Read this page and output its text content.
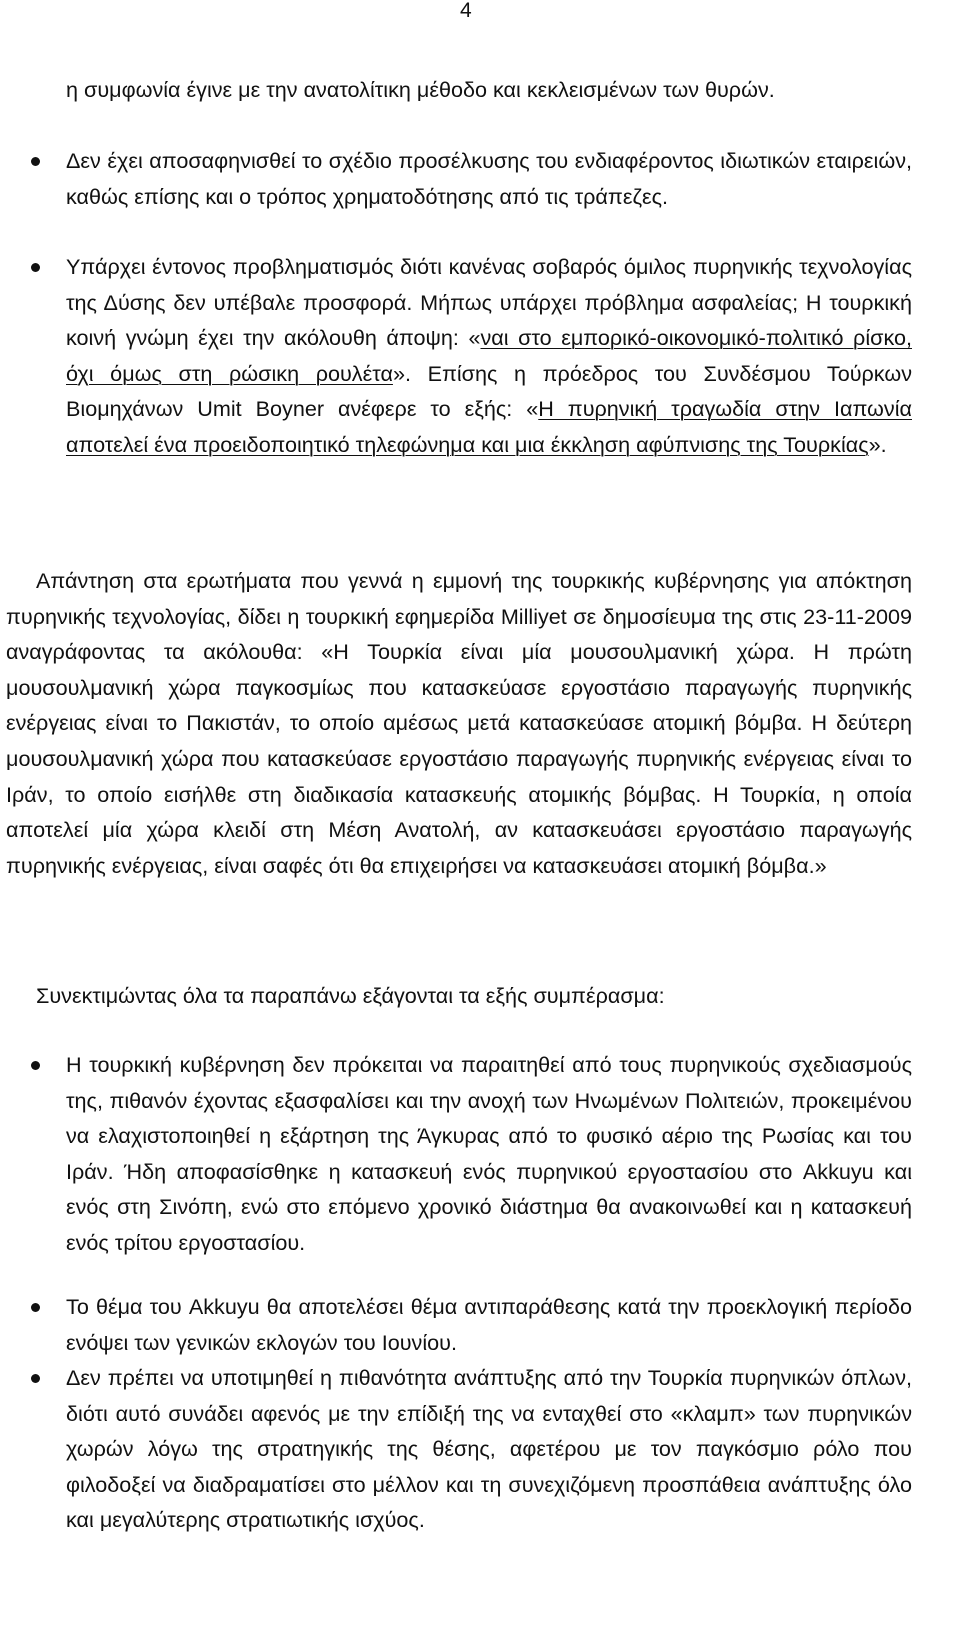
4

η συμφωνία έγινε με την ανατολίτικη μέθοδο και κεκλεισμένων των θυρών.

Δεν έχει αποσαφηνισθεί το σχέδιο προσέλκυσης του ενδιαφέροντος ιδιωτικών εταιρειών, καθώς επίσης και ο τρόπος χρηματοδότησης από τις τράπεζες.

Υπάρχει έντονος προβληματισμός διότι κανένας σοβαρός όμιλος πυρηνικής τεχνολογίας της Δύσης δεν υπέβαλε προσφορά. Μήπως υπάρχει πρόβλημα ασφαλείας; Η τουρκική κοινή γνώμη έχει την ακόλουθη άποψη: «ναι στο εμπορικό-οικονομικό-πολιτικό ρίσκο, όχι όμως στη ρώσικη ρουλέτα». Επίσης η πρόεδρος του Συνδέσμου Τούρκων Βιομηχάνων Umit Boyner ανέφερε το εξής: «Η πυρηνική τραγωδία στην Ιαπωνία αποτελεί ένα προειδοποιητικό τηλεφώνημα και μια έκκληση αφύπνισης της Τουρκίας».

Απάντηση στα ερωτήματα που γεννά η εμμονή της τουρκικής κυβέρνησης για απόκτηση πυρηνικής τεχνολογίας, δίδει η τουρκική εφημερίδα Milliyet σε δημοσίευμα της στις 23-11-2009 αναγράφοντας τα ακόλουθα: «Η Τουρκία είναι μία μουσουλμανική χώρα. Η πρώτη μουσουλμανική χώρα παγκοσμίως που κατασκεύασε εργοστάσιο παραγωγής πυρηνικής ενέργειας είναι το Πακιστάν, το οποίο αμέσως μετά κατασκεύασε ατομική βόμβα. Η δεύτερη μουσουλμανική χώρα που κατασκεύασε εργοστάσιο παραγωγής πυρηνικής ενέργειας είναι το Ιράν, το οποίο εισήλθε στη διαδικασία κατασκευής ατομικής βόμβας. Η Τουρκία, η οποία αποτελεί μία χώρα κλειδί στη Μέση Ανατολή, αν κατασκευάσει εργοστάσιο παραγωγής πυρηνικής ενέργειας, είναι σαφές ότι θα επιχειρήσει να κατασκευάσει ατομική βόμβα.»

Συνεκτιμώντας όλα τα παραπάνω εξάγονται τα εξής συμπέρασμα:

Η τουρκική κυβέρνηση δεν πρόκειται να παραιτηθεί από τους πυρηνικούς σχεδιασμούς της, πιθανόν έχοντας εξασφαλίσει και την ανοχή των Ηνωμένων Πολιτειών, προκειμένου να ελαχιστοποιηθεί η εξάρτηση της Άγκυρας από το φυσικό αέριο της Ρωσίας και του Ιράν. Ήδη αποφασίσθηκε η κατασκευή ενός πυρηνικού εργοστασίου στο Akkuyu και ενός στη Σινόπη, ενώ στο επόμενο χρονικό διάστημα θα ανακοινωθεί και η κατασκευή ενός τρίτου εργοστασίου.

Το θέμα του Akkuyu θα αποτελέσει θέμα αντιπαράθεσης κατά την προεκλογική περίοδο ενόψει των γενικών εκλογών του Ιουνίου.

Δεν πρέπει να υποτιμηθεί η πιθανότητα ανάπτυξης από την Τουρκία πυρηνικών όπλων, διότι αυτό συνάδει αφενός με την επίδιξή της να ενταχθεί στο «κλαμπ» των πυρηνικών χωρών λόγω της στρατηγικής της θέσης, αφετέρου με τον παγκόσμιο ρόλο που φιλοδοξεί να διαδραματίσει στο μέλλον και τη συνεχιζόμενη προσπάθεια ανάπτυξης όλο και μεγαλύτερης στρατιωτικής ισχύος.
